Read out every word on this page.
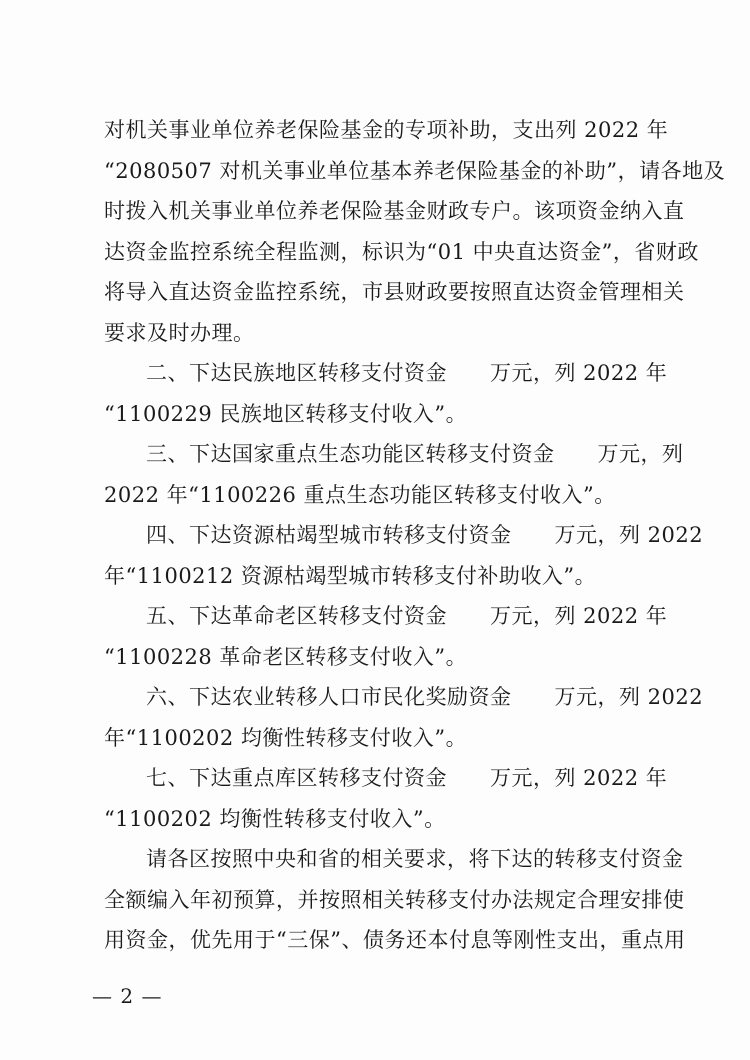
对机关事业单位养老保险基金的专项补助，支出列 2022 年
“2080507 对机关事业单位基本养老保险基金的补助”，请各地及
时拨入机关事业单位养老保险基金财政专户。该项资金纳入直
达资金监控系统全程监测，标识为“01 中央直达资金”，省财政
将导入直达资金监控系统，市县财政要按照直达资金管理相关
要求及时办理。
二、下达民族地区转移支付资金　　万元，列 2022 年
“1100229 民族地区转移支付收入”。
三、下达国家重点生态功能区转移支付资金　　万元，列
2022 年“1100226 重点生态功能区转移支付收入”。
四、下达资源枯竭型城市转移支付资金　　万元，列 2022
年“1100212 资源枯竭型城市转移支付补助收入”。
五、下达革命老区转移支付资金　　万元，列 2022 年
“1100228 革命老区转移支付收入”。
六、下达农业转移人口市民化奖励资金　　万元，列 2022
年“1100202 均衡性转移支付收入”。
七、下达重点库区转移支付资金　　万元，列 2022 年
“1100202 均衡性转移支付收入”。
请各区按照中央和省的相关要求，将下达的转移支付资金
全额编入年初预算，并按照相关转移支付办法规定合理安排使
用资金，优先用于“三保”、债务还本付息等刚性支出，重点用
— 2 —
